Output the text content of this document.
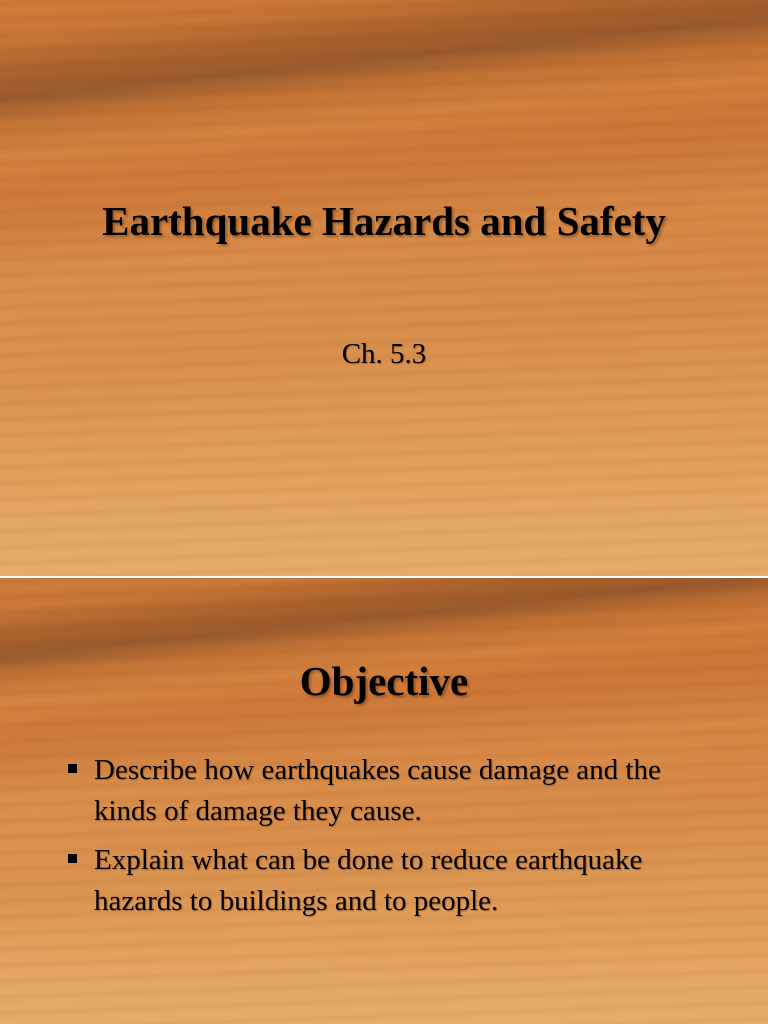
Earthquake Hazards and Safety
Ch. 5.3
Objective
Describe how earthquakes cause damage and the kinds of damage they cause.
Explain what can be done to reduce earthquake hazards to buildings and to people.
